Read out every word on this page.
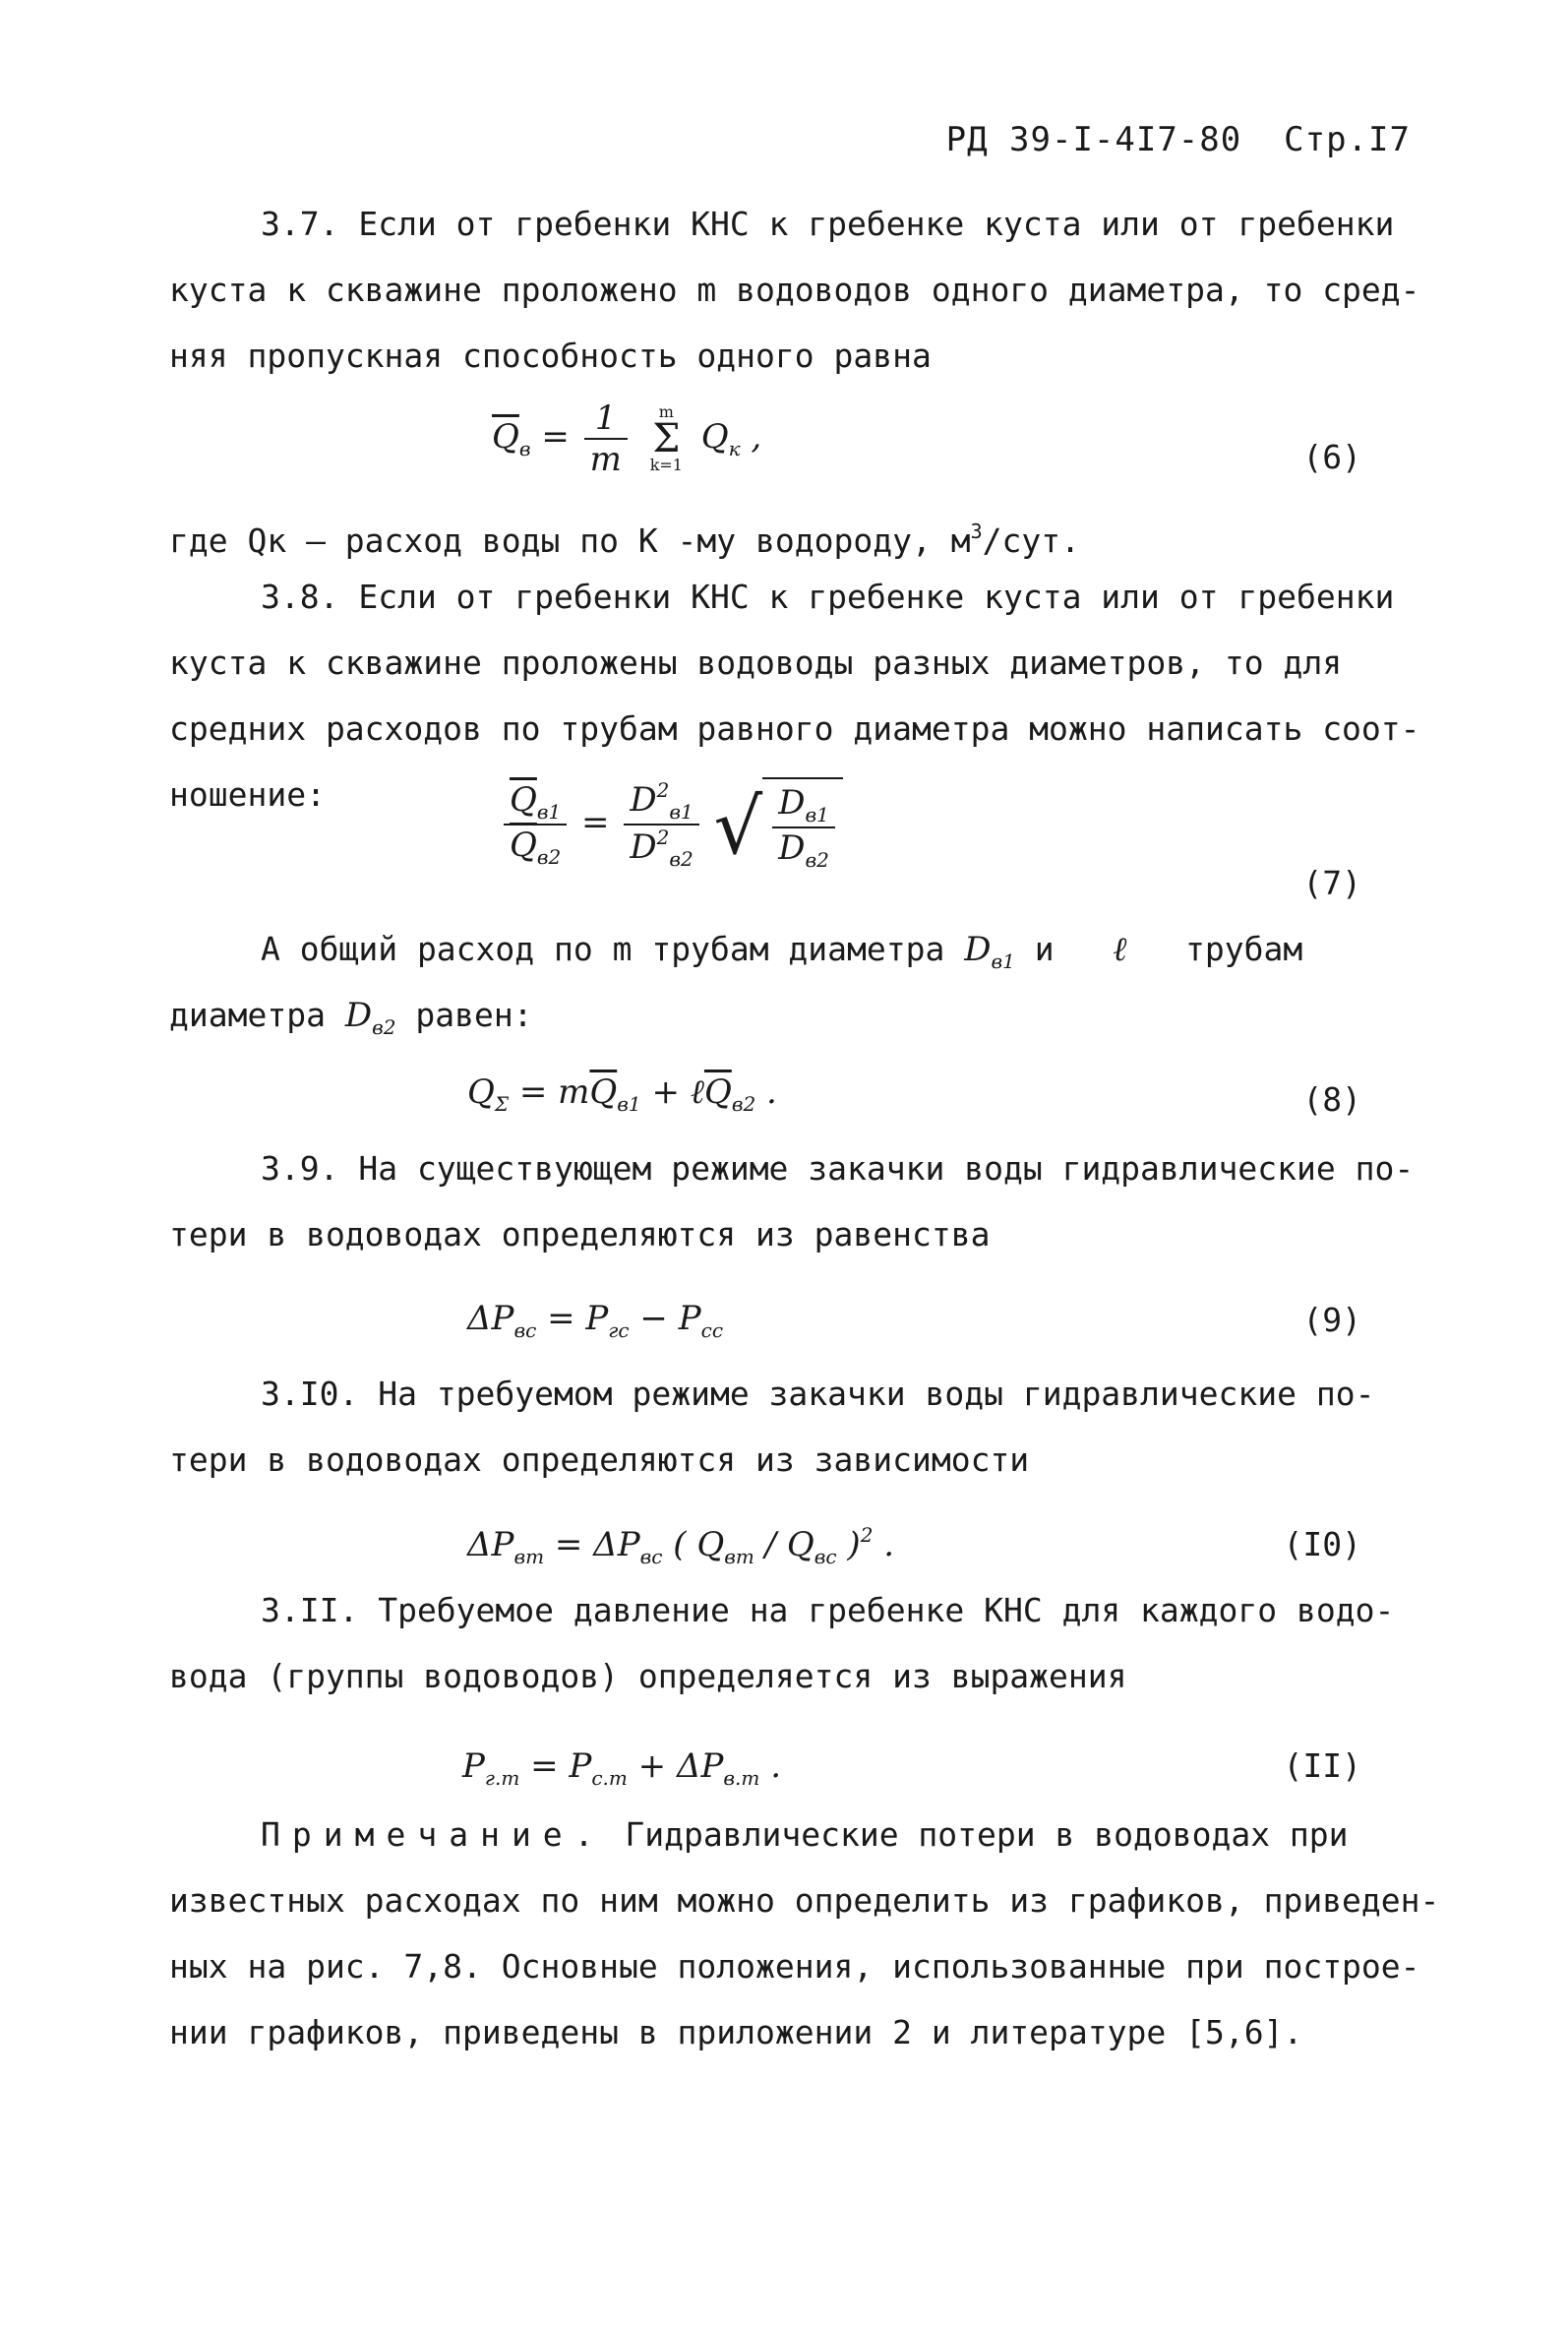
РД 39-I-4I7-80 Стр.I7
3.7. Если от гребенки КНС к гребенке куста или от гребенки
куста к скважине проложено m водоводов одного диаметра, то сред-
няя пропускная способность одного равна
$\overline{Q}_в = \frac{1}{m}$
	m
Σ
k=1
$Q_к$ ,
(6)
где Qк – расход воды по К -му водороду, $м^3$/сут.
3.8. Если от гребенки КНС к гребенке куста или от гребенки
куста к скважине проложены водоводы разных диаметров, то для
средних расходов по трубам равного диаметра можно написать соот-
ношение:	$\frac{\overline{Q}_{в1}}{\overline{Q}_{в2}} = \frac{D^2_{в1}}{D^2_{в2}}$ √ $\frac{D_{в1}}{D_{в2}}$
(7)
А общий расход по m трубам диаметра $D_{в1}$ и ℓ трубам
диаметра $D_{в2}$ равен:
$Q_\Sigma = m\overline{Q}_{в1}$ + $\ell\overline{Q}_{в2}$ .	(8)
3.9. На существующем режиме закачки воды гидравлические по-
тери в водоводах определяются из равенства
$\Delta P_{вс} = P_{гс} - P_{сс}$	(9)
3.I0. На требуемом режиме закачки воды гидравлические по-
тери в водоводах определяются из зависимости
$\Delta P_{вт} = \Delta P_{вс}$ ( $Q_{вт} / Q_{вс}$ )$^2$ .	(I0)
3.II. Требуемое давление на гребенке КНС для каждого водо-
вода (группы водоводов) определяется из выражения
$P_{г.т} = P_{с.т} + \Delta P_{в.т}$ .	(II)
Примечание. Гидравлические потери в водоводах при
известных расходах по ним можно определить из графиков, приведен-
ных на рис. 7,8. Основные положения, использованные при построе-
нии графиков, приведены в приложении 2 и литературе [5,6].
